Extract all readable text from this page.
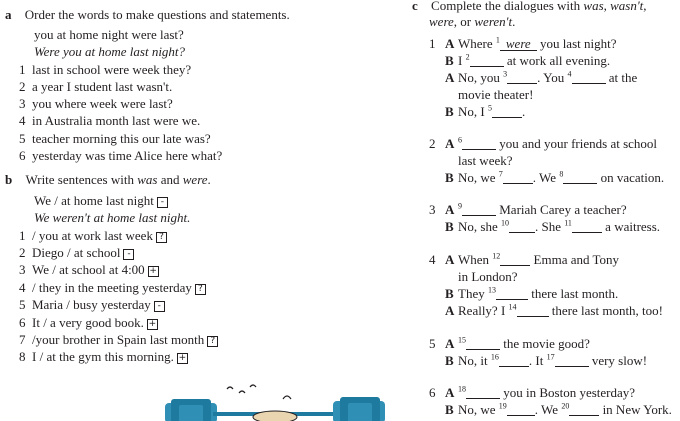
a Order the words to make questions and statements.
you at home night were last?
Were you at home last night?
1 last in school were week they?
2 a year I student last wasn't.
3 you where week were last?
4 in Australia month last were we.
5 teacher morning this our late was?
6 yesterday was time Alice here what?
b Write sentences with was and were.
We / at home last night -
We weren't at home last night.
1 / you at work last week ?
2 Diego / at school -
3 We / at school at 4:00 +
4 / they in the meeting yesterday ?
5 Maria / busy yesterday -
6 It / a very good book. +
7 /your brother in Spain last month ?
8 I / at the gym this morning. +
c Complete the dialogues with was, wasn't,
were, or weren't.
1 A Where $^1$ were you last night?
B I $^2$	at work all evening.
A No, you $^3$ . You $^4$	at the
movie theater!
B No, I $^5$ .
2 A $^6$	you and your friends at school
last week?
B No, we $^7$ . We $^8$	on vacation.
3 A $^9$	Mariah Carey a teacher?
B No, she $^{10}$ . She $^{11}$ a waitress.
4 A When $^{12}$ Emma and Tony
in London?
B They $^{13}$ there last month.
A Really? I $^{14}$ there last month, too!
5 A $^{15}$	the movie good?
B No, it $^{16}$ . It $^{17}$	very slow!
6 A $^{18}$	you in Boston yesterday?
B No, we $^{19}$ . We $^{20}$ in New York.
